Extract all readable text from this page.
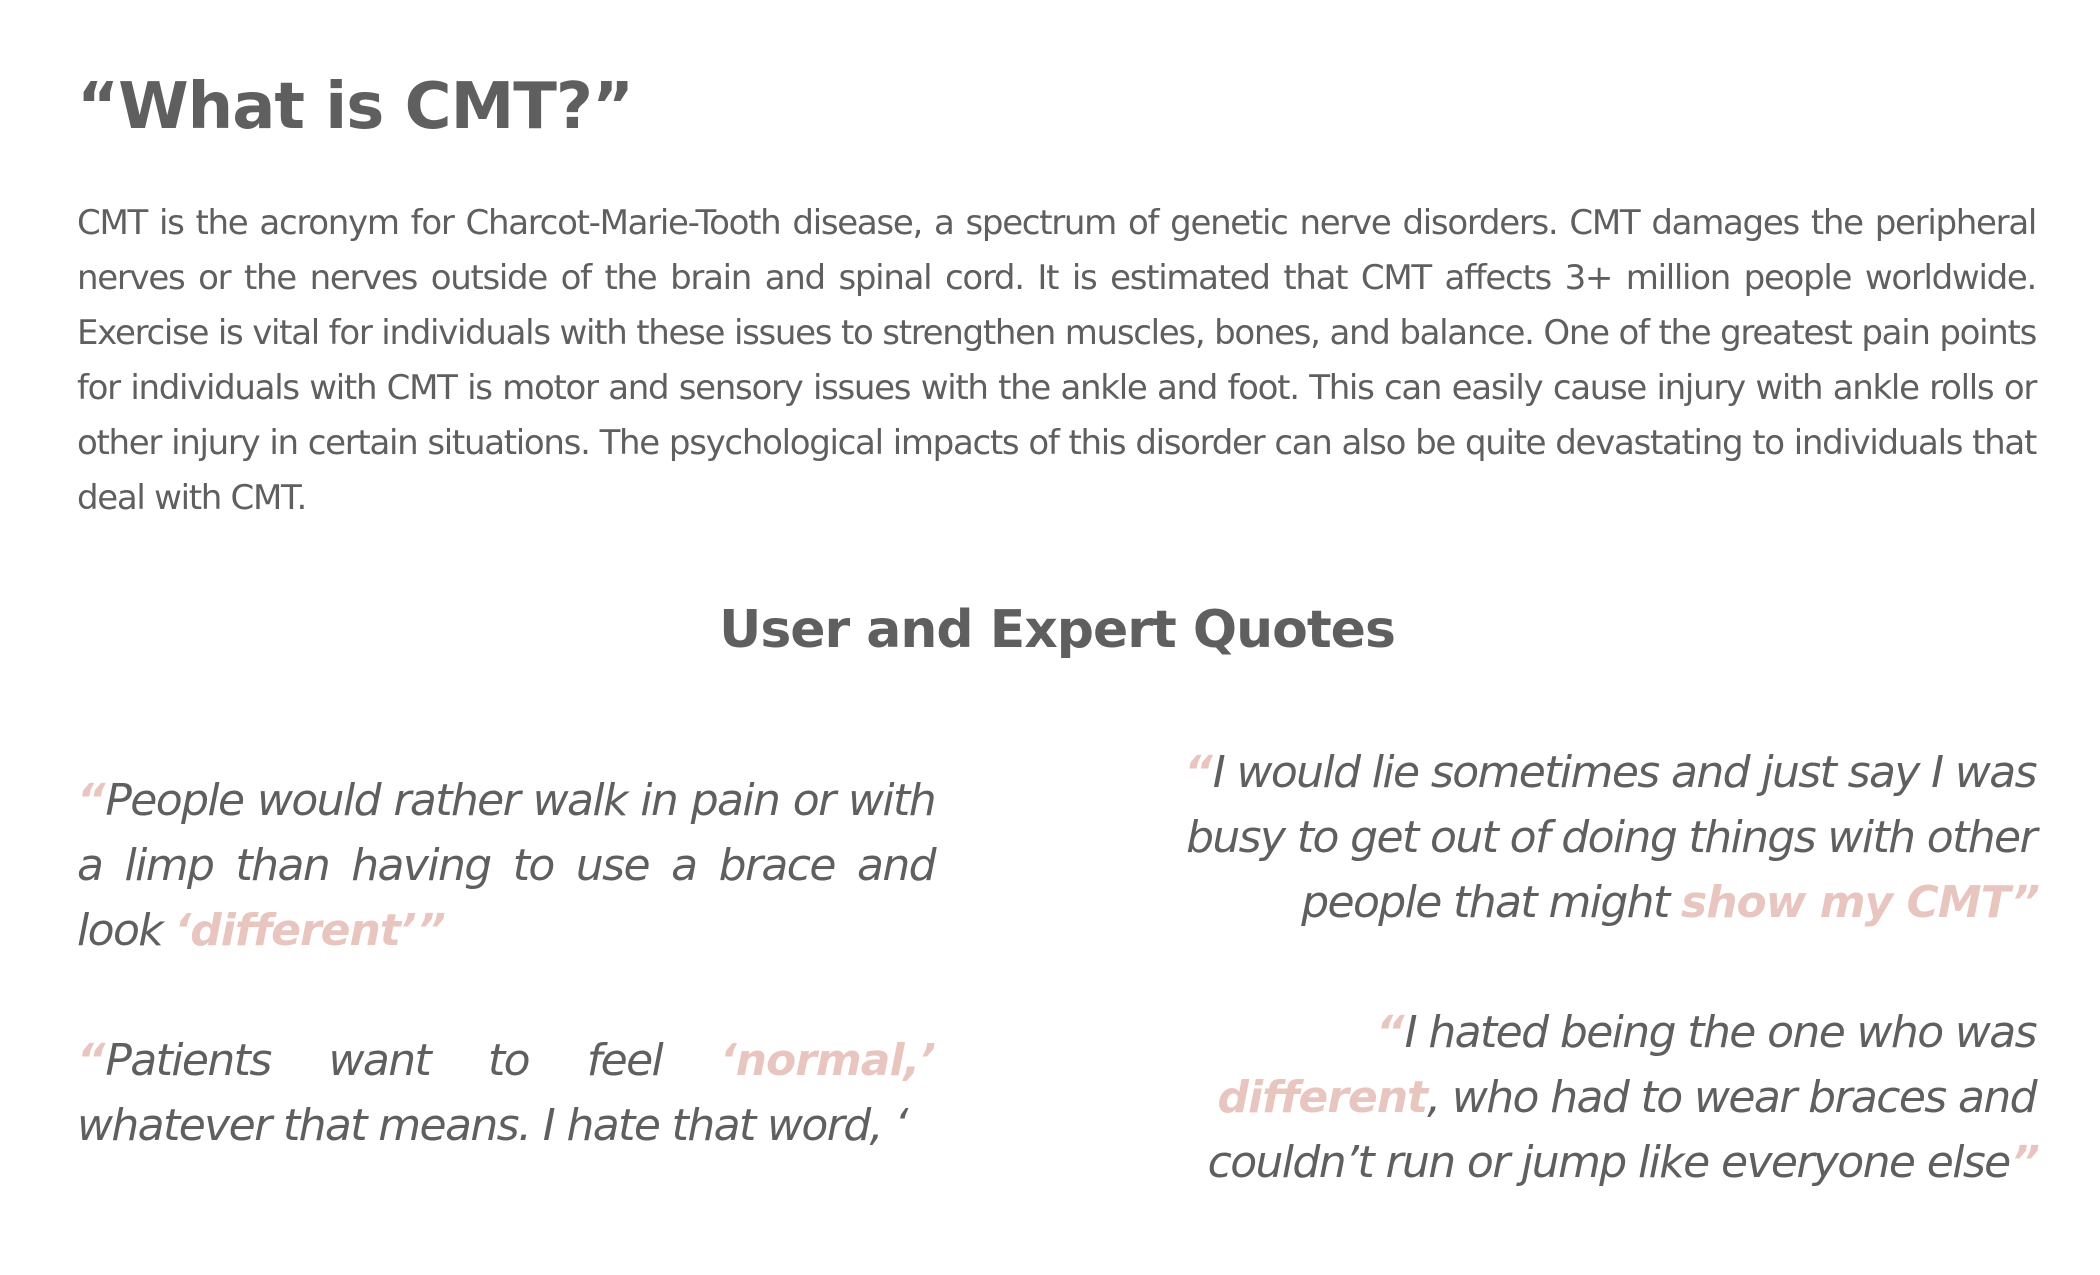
“What is CMT?”

CMT is the acronym for Charcot-Marie-Tooth disease, a spectrum of genetic nerve disorders. CMT damages the peripheral nerves or the nerves outside of the brain and spinal cord. It is estimated that CMT affects 3+ million people worldwide. Exercise is vital for individuals with these issues to strengthen muscles, bones, and balance. One of the greatest pain points for individuals with CMT is motor and sensory issues with the ankle and foot. This can easily cause injury with ankle rolls or other injury in certain situations. The psychological impacts of this disorder can also be quite devastating to individuals that deal with CMT.

User and Expert Quotes

“People would rather walk in pain or with a limp than having to use a brace and look ‘different’”

“Patients want to feel ‘normal,’ whatever that means. I hate that word, ‘

“I would lie sometimes and just say I was busy to get out of doing things with other people that might show my CMT”

“I hated being the one who was different, who had to wear braces and couldn’t run or jump like everyone else”
